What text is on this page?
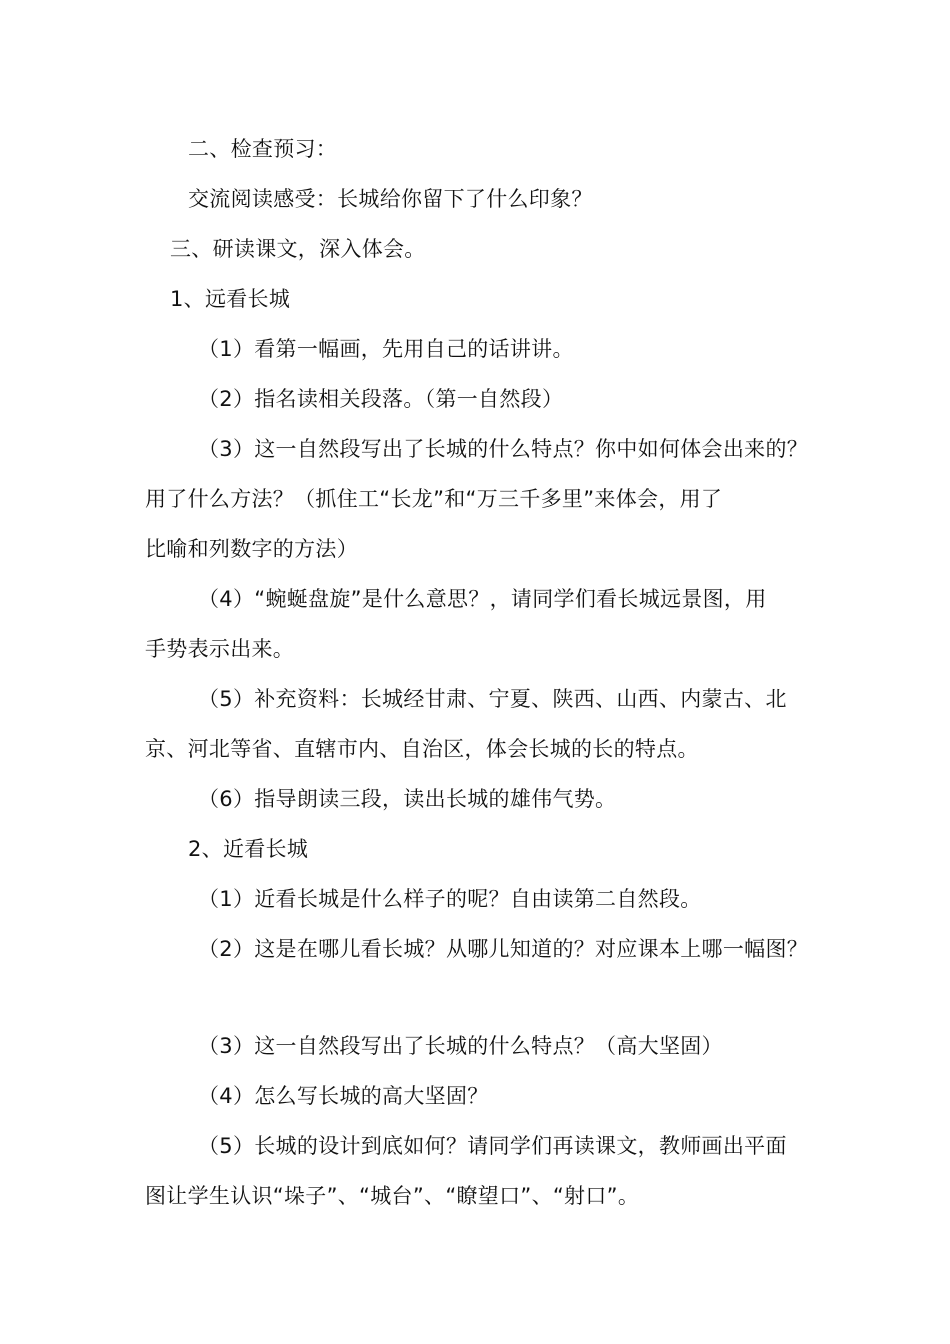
二、检查预习：
交流阅读感受：长城给你留下了什么印象？
三、研读课文，深入体会。
1、远看长城
（1）看第一幅画，先用自己的话讲讲。
（2）指名读相关段落。（第一自然段）
（3）这一自然段写出了长城的什么特点？你中如何体会出来的？
用了什么方法？（抓住工“长龙”和“万三千多里”来体会，用了
比喻和列数字的方法）
（4）“蜿蜒盘旋”是什么意思？，请同学们看长城远景图，用
手势表示出来。
（5）补充资料：长城经甘肃、宁夏、陕西、山西、内蒙古、北
京、河北等省、直辖市内、自治区，体会长城的长的特点。
（6）指导朗读三段，读出长城的雄伟气势。
2、近看长城
（1）近看长城是什么样子的呢？自由读第二自然段。
（2）这是在哪儿看长城？从哪儿知道的？对应课本上哪一幅图？
（3）这一自然段写出了长城的什么特点？（高大坚固）
（4）怎么写长城的高大坚固？
（5）长城的设计到底如何？请同学们再读课文，教师画出平面
图让学生认识“垛子”、“城台”、“瞭望口”、“射口”。
